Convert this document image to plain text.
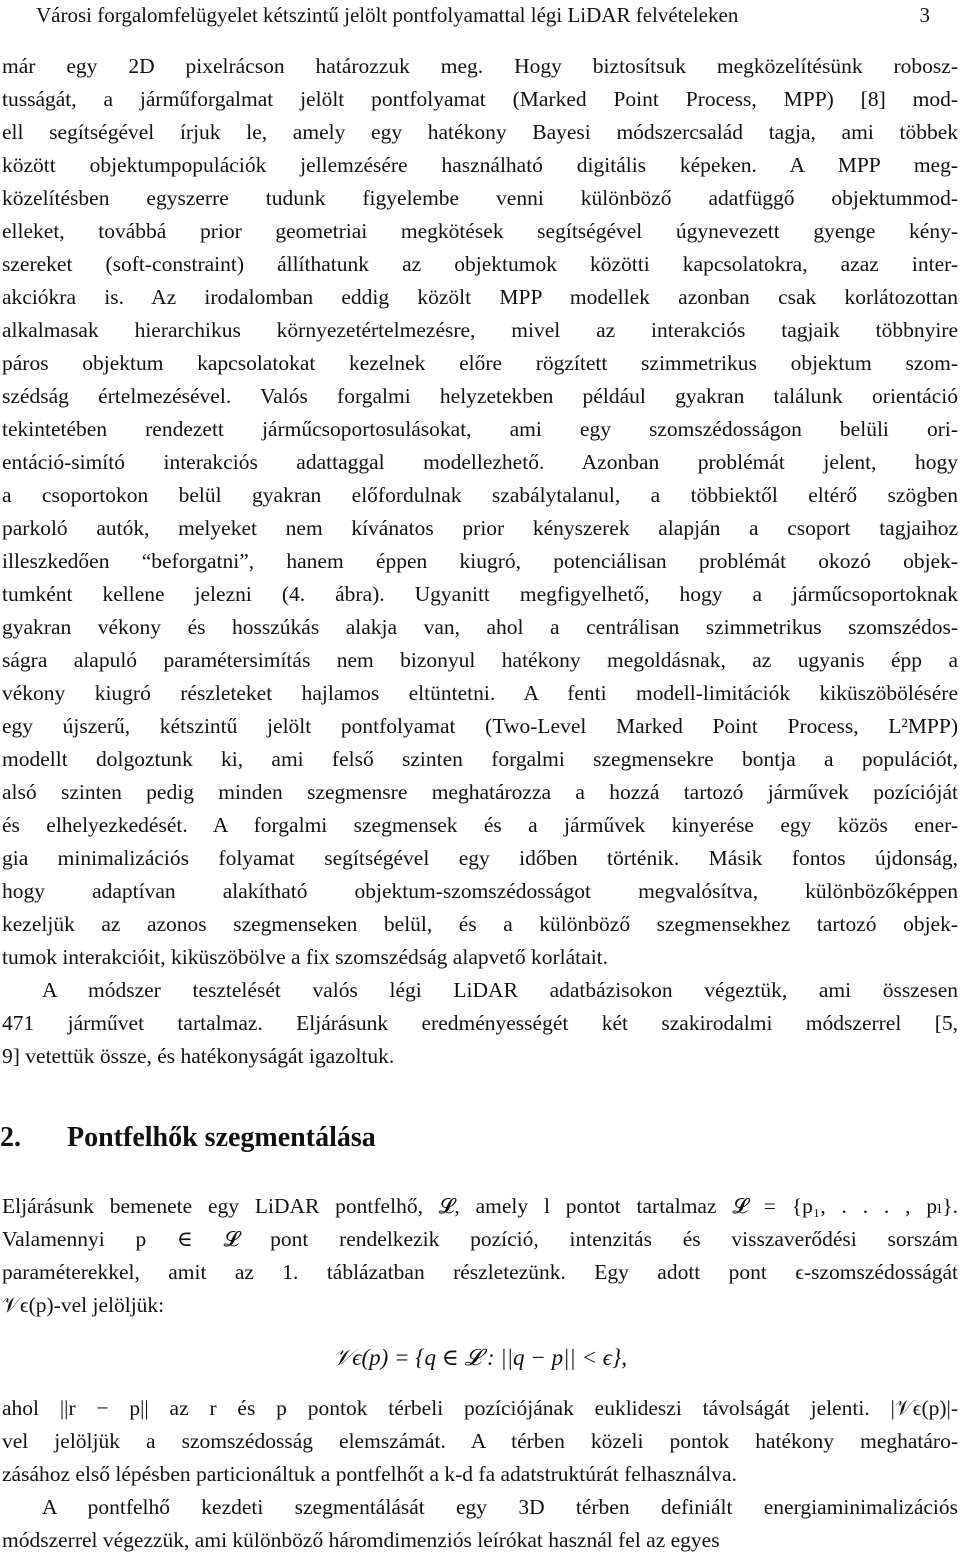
Városi forgalomfelügyelet kétszintű jelölt pontfolyamattal légi LiDAR felvételeken	3
már egy 2D pixelrácson határozzuk meg. Hogy biztosítsuk megközelítésünk robosz-
tusságát, a járműforgalmat jelölt pontfolyamat (Marked Point Process, MPP) [8] mod-
ell segítségével írjuk le, amely egy hatékony Bayesi módszercsalád tagja, ami többek
között objektumpopulációk jellemzésére használható digitális képeken. A MPP meg-
közelítésben egyszerre tudunk figyelembe venni különböző adatfüggő objektummod-
elleket, továbbá prior geometriai megkötések segítségével úgynevezett gyenge kény-
szereket (soft-constraint) állíthatunk az objektumok közötti kapcsolatokra, azaz inter-
akciókra is. Az irodalomban eddig közölt MPP modellek azonban csak korlátozottan
alkalmasak hierarchikus környezetértelmezésre, mivel az interakciós tagjaik többnyire
páros objektum kapcsolatokat kezelnek előre rögzített szimmetrikus objektum szom-
szédság értelmezésével. Valós forgalmi helyzetekben például gyakran találunk orientáció
tekintetében rendezett járműcsoportosulásokat, ami egy szomszédosságon belüli ori-
entáció-simító interakciós adattaggal modellezhető. Azonban problémát jelent, hogy
a csoportokon belül gyakran előfordulnak szabálytalanul, a többiektől eltérő szögben
parkoló autók, melyeket nem kívánatos prior kényszerek alapján a csoport tagjaihoz
illeszkedően “beforgatni”, hanem éppen kiugró, potenciálisan problémát okozó objek-
tumként kellene jelezni (4. ábra). Ugyanitt megfigyelhető, hogy a járműcsoportoknak
gyakran vékony és hosszúkás alakja van, ahol a centrálisan szimmetrikus szomszédos-
ságra alapuló paramétersimítás nem bizonyul hatékony megoldásnak, az ugyanis épp a
vékony kiugró részleteket hajlamos eltüntetni. A fenti modell-limitációk kiküszöbölésére
egy újszerű, kétszintű jelölt pontfolyamat (Two-Level Marked Point Process, L²MPP)
modellt dolgoztunk ki, ami felső szinten forgalmi szegmensekre bontja a populációt,
alsó szinten pedig minden szegmensre meghatározza a hozzá tartozó járművek pozícióját
és elhelyezkedését. A forgalmi szegmensek és a járművek kinyerése egy közös ener-
gia minimalizációs folyamat segítségével egy időben történik. Másik fontos újdonság,
hogy adaptívan alakítható objektum-szomszédosságot megvalósítva, különbözőképpen
kezeljük az azonos szegmenseken belül, és a különböző szegmensekhez tartozó objek-
tumok interakcióit, kiküszöbölve a fix szomszédság alapvető korlátait.
A módszer tesztelését valós légi LiDAR adatbázisokon végeztük, ami összesen
471 járművet tartalmaz. Eljárásunk eredményességét két szakirodalmi módszerrel [5,
9] vetettük össze, és hatékonyságát igazoltuk.
2. Pontfelhők szegmentálása
Eljárásunk bemenete egy LiDAR pontfelhő, 𝓛, amely l pontot tartalmaz 𝓛 = {p₁, . . . , pₗ}.
Valamennyi p ∈ 𝓛 pont rendelkezik pozíció, intenzitás és visszaverődési sorszám
paraméterekkel, amit az 1. táblázatban részletezünk. Egy adott pont ϵ-szomszédosságát
𝒱ϵ(p)-vel jelöljük:
𝒱ϵ(p) = {q ∈ 𝓛 : ||q − p|| < ϵ},
ahol ||r − p|| az r és p pontok térbeli pozíciójának euklideszi távolságát jelenti. |𝒱ϵ(p)|-
vel jelöljük a szomszédosság elemszámát. A térben közeli pontok hatékony meghatáro-
zásához első lépésben particionáltuk a pontfelhőt a k-d fa adatstruktúrát felhasználva.
A pontfelhő kezdeti szegmentálását egy 3D térben definiált energiaminimalizációs
módszerrel végezzük, ami különböző háromdimenziós leírókat használ fel az egyes
